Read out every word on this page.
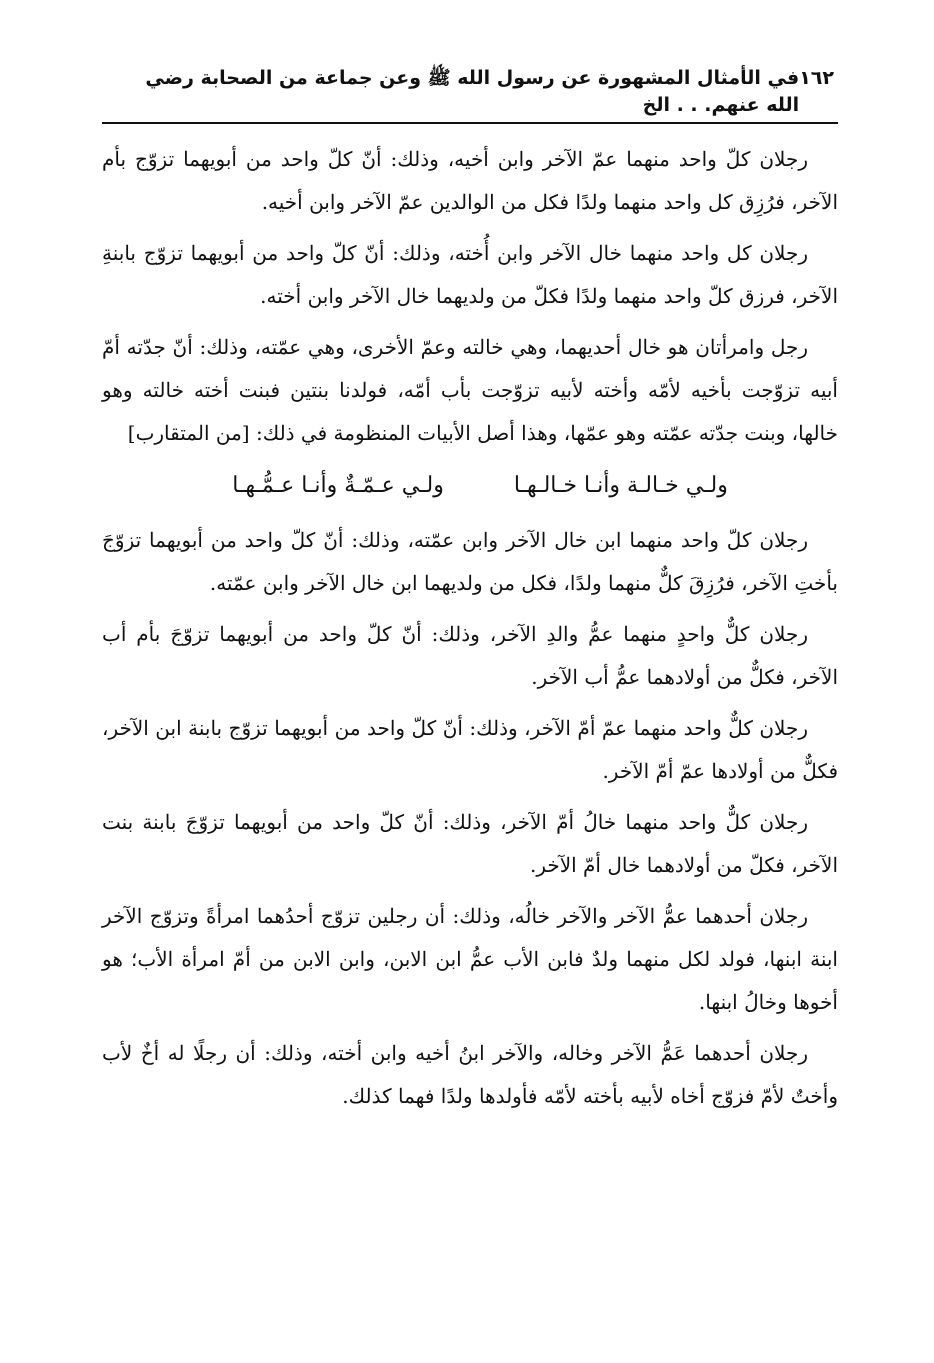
١٦٢
في الأمثال المشهورة عن رسول الله ﷺ وعن جماعة من الصحابة رضي الله عنهم. . . الخ

رجلان كلّ واحد منهما عمّ الآخر وابن أخيه، وذلك: أنّ كلّ واحد من أبويهما تزوّج بأم الآخر، فرُزِق كل واحد منهما ولدًا فكل من الوالدين عمّ الآخر وابن أخيه.

رجلان كل واحد منهما خال الآخر وابن أُخته، وذلك: أنّ كلّ واحد من أبويهما تزوّج بابنةِ الآخر، فرزق كلّ واحد منهما ولدًا فكلّ من ولديهما خال الآخر وابن أخته.

رجل وامرأتان هو خال أحديهما، وهي خالته وعمّ الأخرى، وهي عمّته، وذلك: أنّ جدّته أمّ أبيه تزوّجت بأخيه لأمّه وأخته لأبيه تزوّجت بأب أمّه، فولدنا بنتين فبنت أخته خالته وهو خالها، وبنت جدّته عمّته وهو عمّها، وهذا أصل الأبيات المنظومة في ذلك: [من المتقارب]

ولـي خـالـة وأنـا خـالـهـا
ولـي عـمّـةٌ وأنـا عـمُّـهـا

رجلان كلّ واحد منهما ابن خال الآخر وابن عمّته، وذلك: أنّ كلّ واحد من أبويهما تزوّجَ بأختِ الآخر، فرُزِقَ كلٌّ منهما ولدًا، فكل من ولديهما ابن خال الآخر وابن عمّته.

رجلان كلٌّ واحدٍ منهما عمُّ والدِ الآخر، وذلك: أنّ كلّ واحد من أبويهما تزوّجَ بأم أب الآخر، فكلٌّ من أولادهما عمُّ أب الآخر.

رجلان كلٌّ واحد منهما عمّ أمّ الآخر، وذلك: أنّ كلّ واحد من أبويهما تزوّج بابنة ابن الآخر، فكلٌّ من أولادها عمّ أمّ الآخر.

رجلان كلٌّ واحد منهما خالُ أمّ الآخر، وذلك: أنّ كلّ واحد من أبويهما تزوّجَ بابنة بنت الآخر، فكلّ من أولادهما خال أمّ الآخر.

رجلان أحدهما عمُّ الآخر والآخر خالُه، وذلك: أن رجلين تزوّج أحدُهما امرأةً وتزوّج الآخر ابنة ابنها، فولد لكل منهما ولدٌ فابن الأب عمُّ ابن الابن، وابن الابن من أمّ امرأة الأب؛ هو أخوها وخالُ ابنها.

رجلان أحدهما عَمُّ الآخر وخاله، والآخر ابنُ أخيه وابن أخته، وذلك: أن رجلًا له أخٌ لأب وأختٌ لأمّ فزوّج أخاه لأبيه بأخته لأمّه فأولدها ولدًا فهما كذلك.
